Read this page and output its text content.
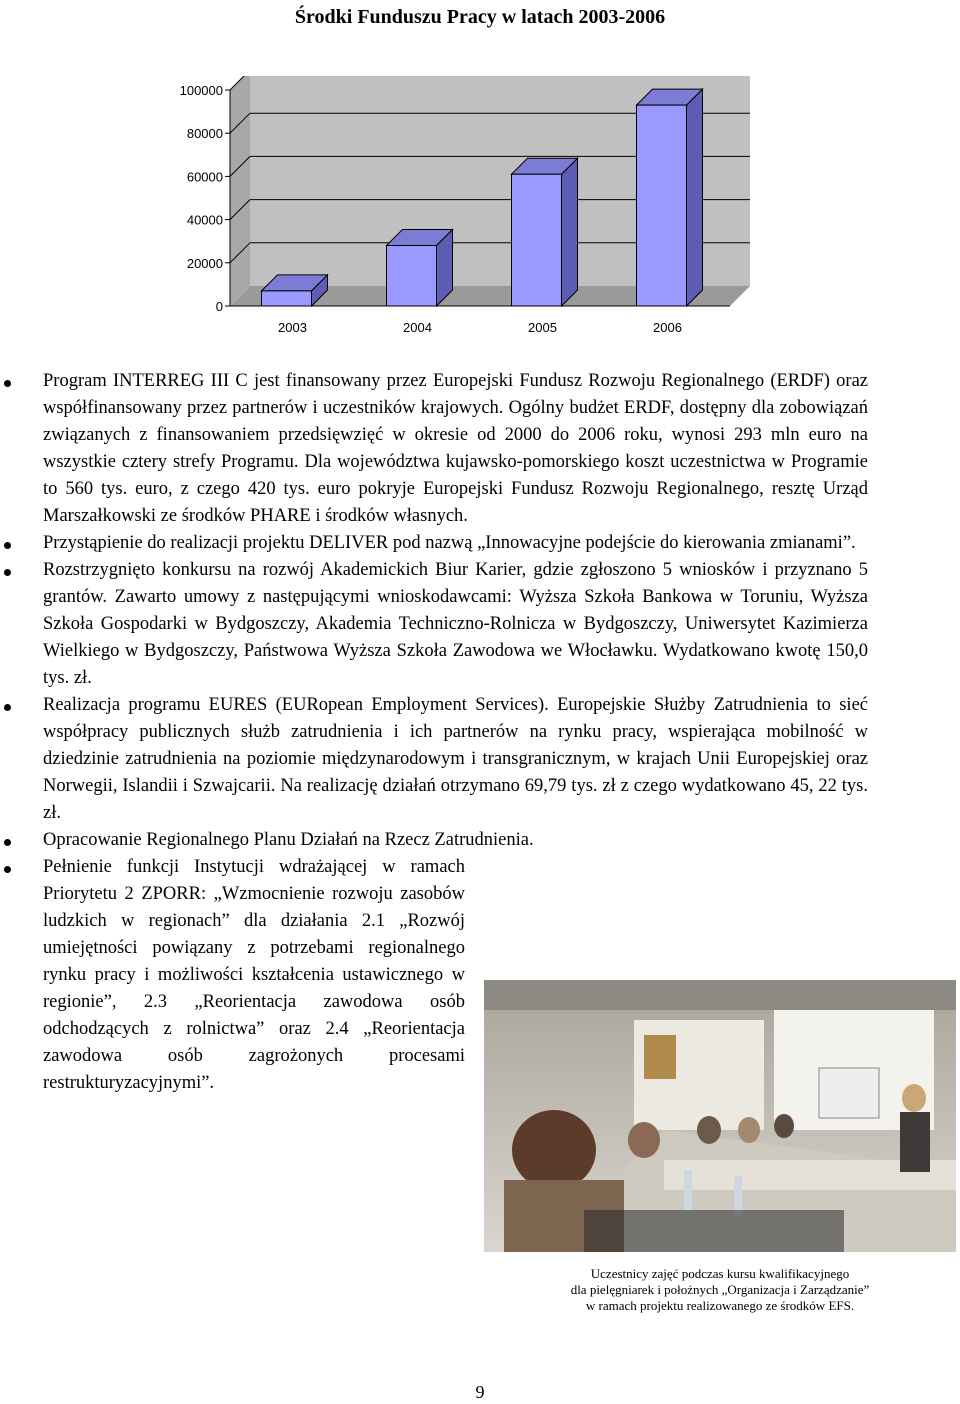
Środki Funduszu Pracy w latach 2003-2006
0
20000
40000
60000
80000
100000
2003	2004	2005	2006

Program INTERREG III C jest finansowany przez Europejski Fundusz Rozwoju Regionalnego (ERDF) oraz współfinansowany przez partnerów i uczestników krajowych. Ogólny budżet ERDF, dostępny dla zobowiązań związanych z finansowaniem przedsięwzięć w okresie od 2000 do 2006 roku, wynosi 293 mln euro na wszystkie cztery strefy Programu. Dla województwa kujawsko-pomorskiego koszt uczestnictwa w Programie to 560 tys. euro, z czego 420 tys. euro pokryje Europejski Fundusz Rozwoju Regionalnego, resztę Urząd Marszałkowski ze środków PHARE i środków własnych.

Przystąpienie do realizacji projektu DELIVER pod nazwą „Innowacyjne podejście do kierowania zmianami”.

Rozstrzygnięto konkursu na rozwój Akademickich Biur Karier, gdzie zgłoszono 5 wniosków i przyznano 5 grantów. Zawarto umowy z następującymi wnioskodawcami: Wyższa Szkoła Bankowa w Toruniu, Wyższa Szkoła Gospodarki w Bydgoszczy, Akademia Techniczno-Rolnicza w Bydgoszczy, Uniwersytet Kazimierza Wielkiego w Bydgoszczy, Państwowa Wyższa Szkoła Zawodowa we Włocławku. Wydatkowano kwotę 150,0 tys. zł.

Realizacja programu EURES (EURopean Employment Services). Europejskie Służby Zatrudnienia to sieć współpracy publicznych służb zatrudnienia i ich partnerów na rynku pracy, wspierająca mobilność w dziedzinie zatrudnienia na poziomie międzynarodowym i transgranicznym, w krajach Unii Europejskiej oraz Norwegii, Islandii i Szwajcarii. Na realizację działań otrzymano 69,79 tys. zł z czego wydatkowano 45, 22 tys. zł.

Opracowanie Regionalnego Planu Działań na Rzecz Zatrudnienia.

Pełnienie funkcji Instytucji wdrażającej w ramach Priorytetu 2 ZPORR: „Wzmocnienie rozwoju zasobów ludzkich w regionach” dla działania 2.1 „Rozwój umiejętności powiązany z potrzebami regionalnego rynku pracy i możliwości kształcenia ustawicznego w regionie”, 2.3 „Reorientacja zawodowa osób odchodzących z rolnictwa” oraz 2.4 „Reorientacja zawodowa osób zagrożonych procesami restrukturyzacyjnymi”.

Uczestnicy zajęć podczas kursu kwalifikacyjnego
dla pielęgniarek i położnych „Organizacja i Zarządzanie”
w ramach projektu realizowanego ze środków EFS.
9
